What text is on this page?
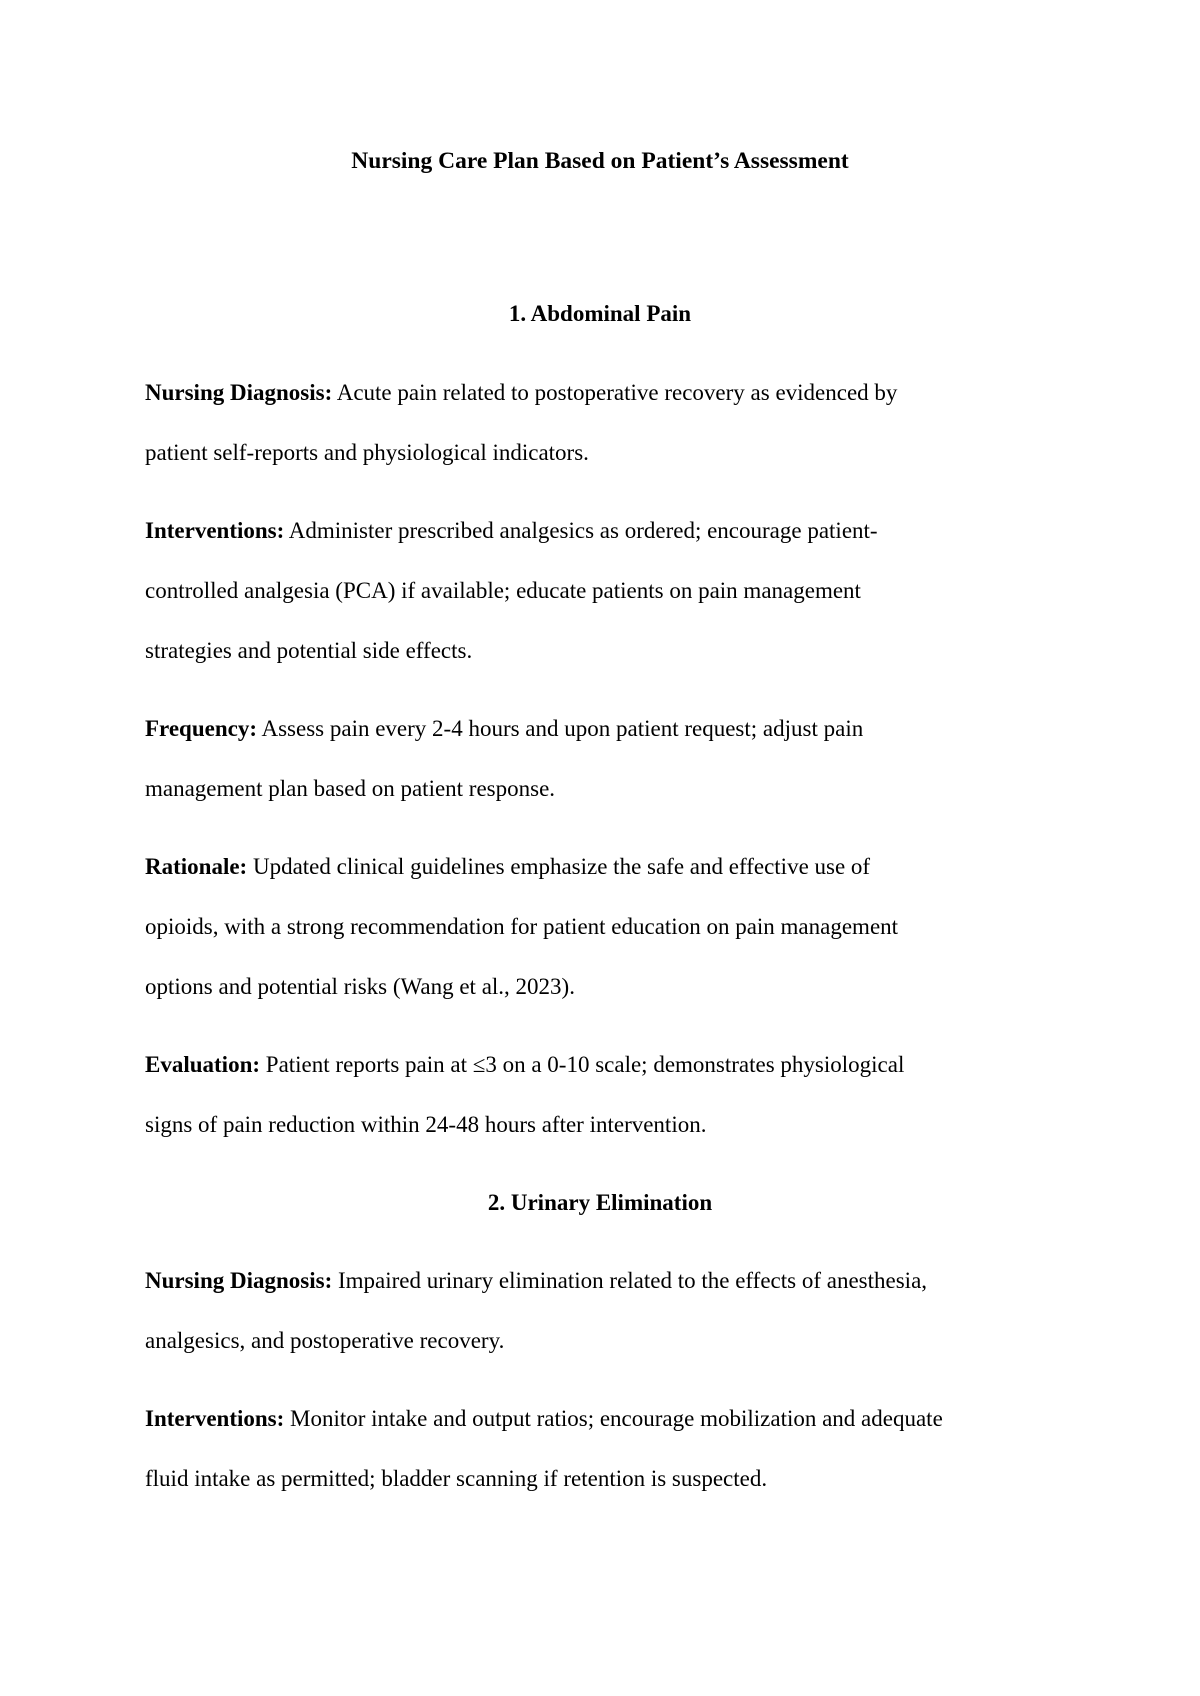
Nursing Care Plan Based on Patient’s Assessment
1. Abdominal Pain
Nursing Diagnosis: Acute pain related to postoperative recovery as evidenced by
patient self-reports and physiological indicators.
Interventions: Administer prescribed analgesics as ordered; encourage patient-
controlled analgesia (PCA) if available; educate patients on pain management
strategies and potential side effects.
Frequency: Assess pain every 2-4 hours and upon patient request; adjust pain
management plan based on patient response.
Rationale: Updated clinical guidelines emphasize the safe and effective use of
opioids, with a strong recommendation for patient education on pain management
options and potential risks (Wang et al., 2023).
Evaluation: Patient reports pain at ≤3 on a 0-10 scale; demonstrates physiological
signs of pain reduction within 24-48 hours after intervention.
2. Urinary Elimination
Nursing Diagnosis: Impaired urinary elimination related to the effects of anesthesia,
analgesics, and postoperative recovery.
Interventions: Monitor intake and output ratios; encourage mobilization and adequate
fluid intake as permitted; bladder scanning if retention is suspected.
